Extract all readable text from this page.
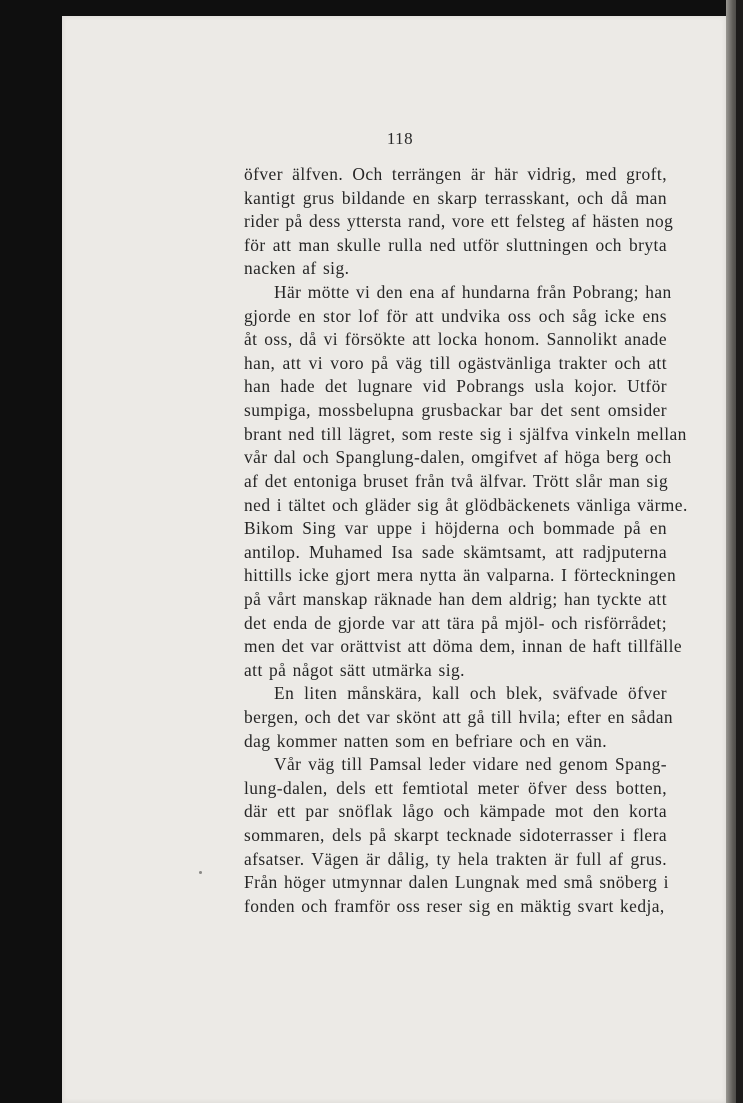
118
öfver älfven. Och terrängen är här vidrig, med groft,
kantigt grus bildande en skarp terrasskant, och då man
rider på dess yttersta rand, vore ett felsteg af hästen nog
för att man skulle rulla ned utför sluttningen och bryta
nacken af sig.
Här mötte vi den ena af hundarna från Pobrang; han
gjorde en stor lof för att undvika oss och såg icke ens
åt oss, då vi försökte att locka honom. Sannolikt anade
han, att vi voro på väg till ogästvänliga trakter och att
han hade det lugnare vid Pobrangs usla kojor. Utför
sumpiga, mossbelupna grusbackar bar det sent omsider
brant ned till lägret, som reste sig i själfva vinkeln mellan
vår dal och Spanglung-dalen, omgifvet af höga berg och
af det entoniga bruset från två älfvar. Trött slår man sig
ned i tältet och gläder sig åt glödbäckenets vänliga värme.
Bikom Sing var uppe i höjderna och bommade på en
antilop. Muhamed Isa sade skämtsamt, att radjputerna
hittills icke gjort mera nytta än valparna. I förteckningen
på vårt manskap räknade han dem aldrig; han tyckte att
det enda de gjorde var att tära på mjöl- och risförrådet;
men det var orättvist att döma dem, innan de haft tillfälle
att på något sätt utmärka sig.
En liten månskära, kall och blek, sväfvade öfver
bergen, och det var skönt att gå till hvila; efter en sådan
dag kommer natten som en befriare och en vän.
Vår väg till Pamsal leder vidare ned genom Spang-
lung-dalen, dels ett femtiotal meter öfver dess botten,
där ett par snöflak lågo och kämpade mot den korta
sommaren, dels på skarpt tecknade sidoterrasser i flera
afsatser. Vägen är dålig, ty hela trakten är full af grus.
Från höger utmynnar dalen Lungnak med små snöberg i
fonden och framför oss reser sig en mäktig svart kedja,
